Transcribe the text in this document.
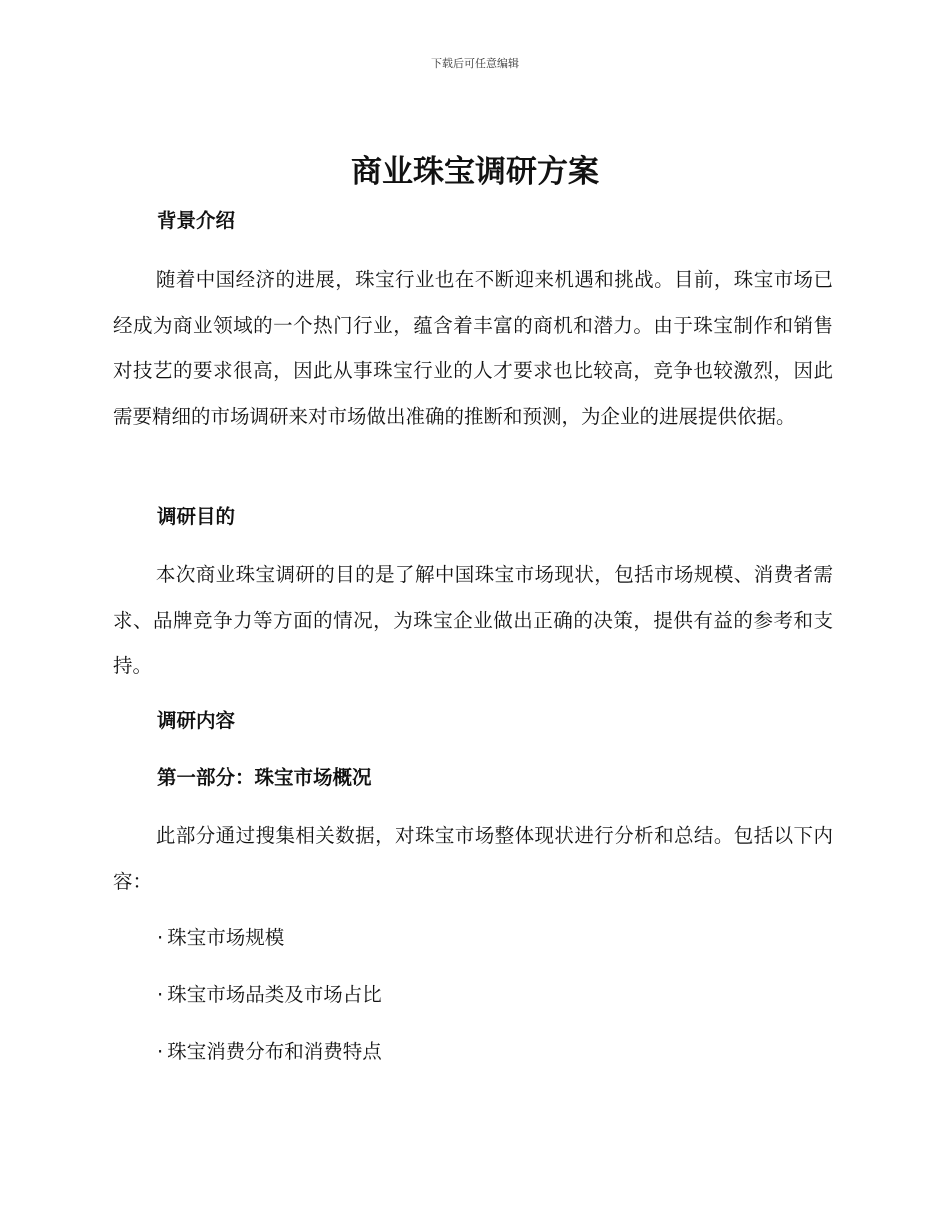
下载后可任意编辑
商业珠宝调研方案
背景介绍

随着中国经济的进展，珠宝行业也在不断迎来机遇和挑战。目前，珠宝市场已经成为商业领域的一个热门行业，蕴含着丰富的商机和潜力。由于珠宝制作和销售对技艺的要求很高，因此从事珠宝行业的人才要求也比较高，竞争也较激烈，因此需要精细的市场调研来对市场做出准确的推断和预测，为企业的进展提供依据。

调研目的

本次商业珠宝调研的目的是了解中国珠宝市场现状，包括市场规模、消费者需求、品牌竞争力等方面的情况，为珠宝企业做出正确的决策，提供有益的参考和支持。

调研内容
第一部分：珠宝市场概况

此部分通过搜集相关数据，对珠宝市场整体现状进行分析和总结。包括以下内容：

· 珠宝市场规模

· 珠宝市场品类及市场占比

· 珠宝消费分布和消费特点
